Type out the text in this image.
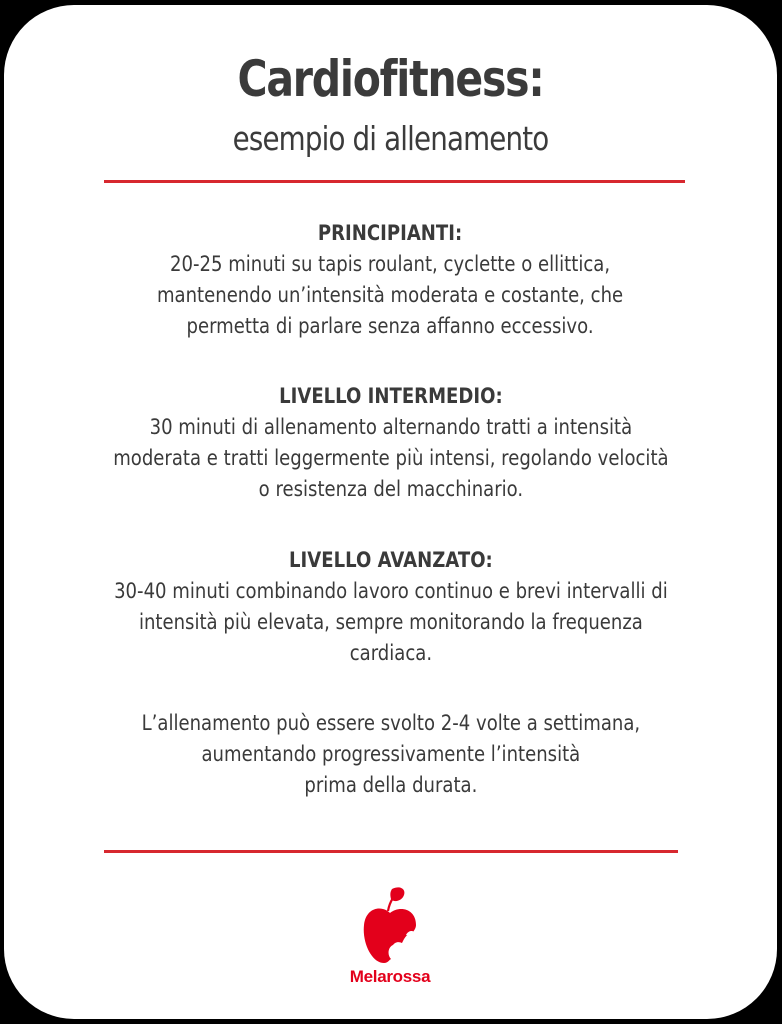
Cardiofitness:
esempio di allenamento
PRINCIPIANTI:
20-25 minuti su tapis roulant, cyclette o ellittica,
mantenendo un’intensità moderata e costante, che
permetta di parlare senza affanno eccessivo.
LIVELLO INTERMEDIO:
30 minuti di allenamento alternando tratti a intensità
moderata e tratti leggermente più intensi, regolando velocità
o resistenza del macchinario.
LIVELLO AVANZATO:
30-40 minuti combinando lavoro continuo e brevi intervalli di
intensità più elevata, sempre monitorando la frequenza
cardiaca.
L’allenamento può essere svolto 2-4 volte a settimana,
aumentando progressivamente l’intensità
prima della durata.
Melarossa
